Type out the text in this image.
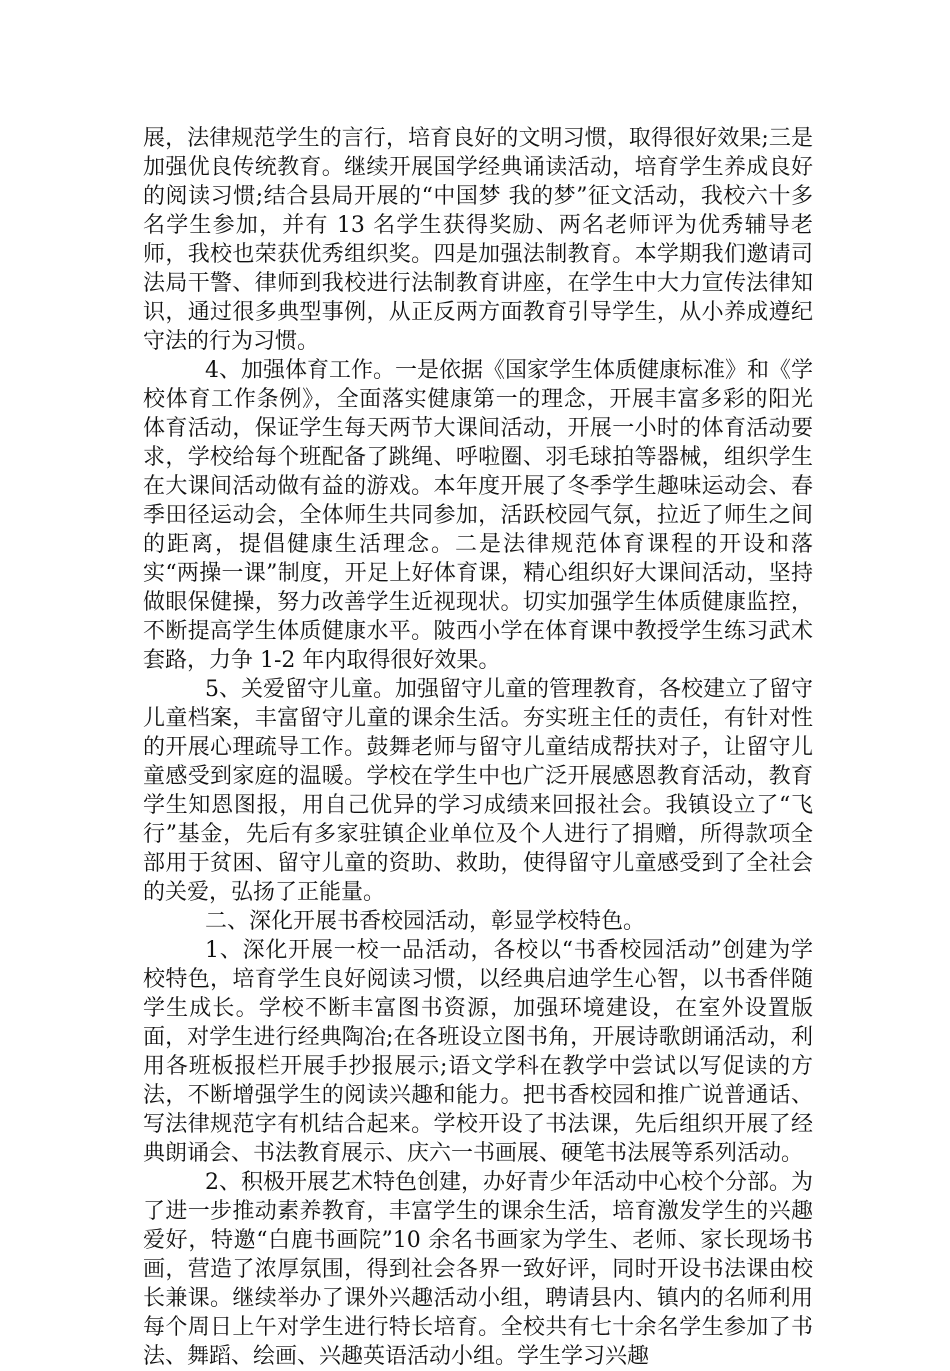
展，法律规范学生的言行，培育良好的文明习惯，取得很好效果;三是加强优良传统教育。继续开展国学经典诵读活动，培育学生养成良好的阅读习惯;结合县局开展的“中国梦 我的梦”征文活动，我校六十多名学生参加，并有 13 名学生获得奖励、两名老师评为优秀辅导老师，我校也荣获优秀组织奖。四是加强法制教育。本学期我们邀请司法局干警、律师到我校进行法制教育讲座，在学生中大力宣传法律知识，通过很多典型事例，从正反两方面教育引导学生，从小养成遵纪守法的行为习惯。

4、加强体育工作。一是依据《国家学生体质健康标准》和《学校体育工作条例》，全面落实健康第一的理念，开展丰富多彩的阳光体育活动，保证学生每天两节大课间活动，开展一小时的体育活动要求，学校给每个班配备了跳绳、呼啦圈、羽毛球拍等器械，组织学生在大课间活动做有益的游戏。本年度开展了冬季学生趣味运动会、春季田径运动会，全体师生共同参加，活跃校园气氛，拉近了师生之间的距离，提倡健康生活理念。二是法律规范体育课程的开设和落实“两操一课”制度，开足上好体育课，精心组织好大课间活动，坚持做眼保健操，努力改善学生近视现状。切实加强学生体质健康监控，不断提高学生体质健康水平。陂西小学在体育课中教授学生练习武术套路，力争 1-2 年内取得很好效果。

5、关爱留守儿童。加强留守儿童的管理教育，各校建立了留守儿童档案，丰富留守儿童的课余生活。夯实班主任的责任，有针对性的开展心理疏导工作。鼓舞老师与留守儿童结成帮扶对子，让留守儿童感受到家庭的温暖。学校在学生中也广泛开展感恩教育活动，教育学生知恩图报，用自己优异的学习成绩来回报社会。我镇设立了“飞行”基金，先后有多家驻镇企业单位及个人进行了捐赠，所得款项全部用于贫困、留守儿童的资助、救助，使得留守儿童感受到了全社会的关爱，弘扬了正能量。

二、深化开展书香校园活动，彰显学校特色。

1、深化开展一校一品活动，各校以“书香校园活动”创建为学校特色，培育学生良好阅读习惯，以经典启迪学生心智，以书香伴随学生成长。学校不断丰富图书资源，加强环境建设，在室外设置版面，对学生进行经典陶冶;在各班设立图书角，开展诗歌朗诵活动，利用各班板报栏开展手抄报展示;语文学科在教学中尝试以写促读的方法，不断增强学生的阅读兴趣和能力。把书香校园和推广说普通话、写法律规范字有机结合起来。学校开设了书法课，先后组织开展了经典朗诵会、书法教育展示、庆六一书画展、硬笔书法展等系列活动。

2、积极开展艺术特色创建，办好青少年活动中心校个分部。为了进一步推动素养教育，丰富学生的课余生活，培育激发学生的兴趣爱好，特邀“白鹿书画院”10 余名书画家为学生、老师、家长现场书画，营造了浓厚氛围，得到社会各界一致好评，同时开设书法课由校长兼课。继续举办了课外兴趣活动小组，聘请县内、镇内的名师利用每个周日上午对学生进行特长培育。全校共有七十余名学生参加了书法、舞蹈、绘画、兴趣英语活动小组。学生学习兴趣
